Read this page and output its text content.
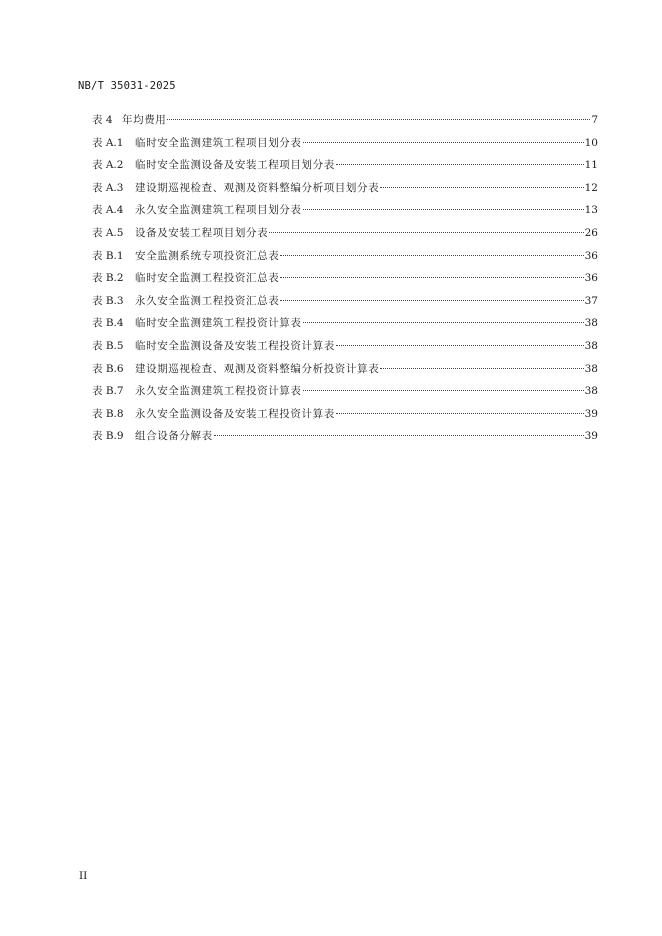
NB/T 35031-2025
表 4 年均费用	7
表 A.1	临时安全监测建筑工程项目划分表	10
表 A.2	临时安全监测设备及安装工程项目划分表	11
表 A.3	建设期巡视检查、观测及资料整编分析项目划分表	12
表 A.4	永久安全监测建筑工程项目划分表	13
表 A.5	设备及安装工程项目划分表	26
表 B.1	安全监测系统专项投资汇总表	36
表 B.2	临时安全监测工程投资汇总表	36
表 B.3	永久安全监测工程投资汇总表	37
表 B.4	临时安全监测建筑工程投资计算表	38
表 B.5	临时安全监测设备及安装工程投资计算表	38
表 B.6	建设期巡视检查、观测及资料整编分析投资计算表	38
表 B.7	永久安全监测建筑工程投资计算表	38
表 B.8	永久安全监测设备及安装工程投资计算表	39
表 B.9	组合设备分解表	39
II
